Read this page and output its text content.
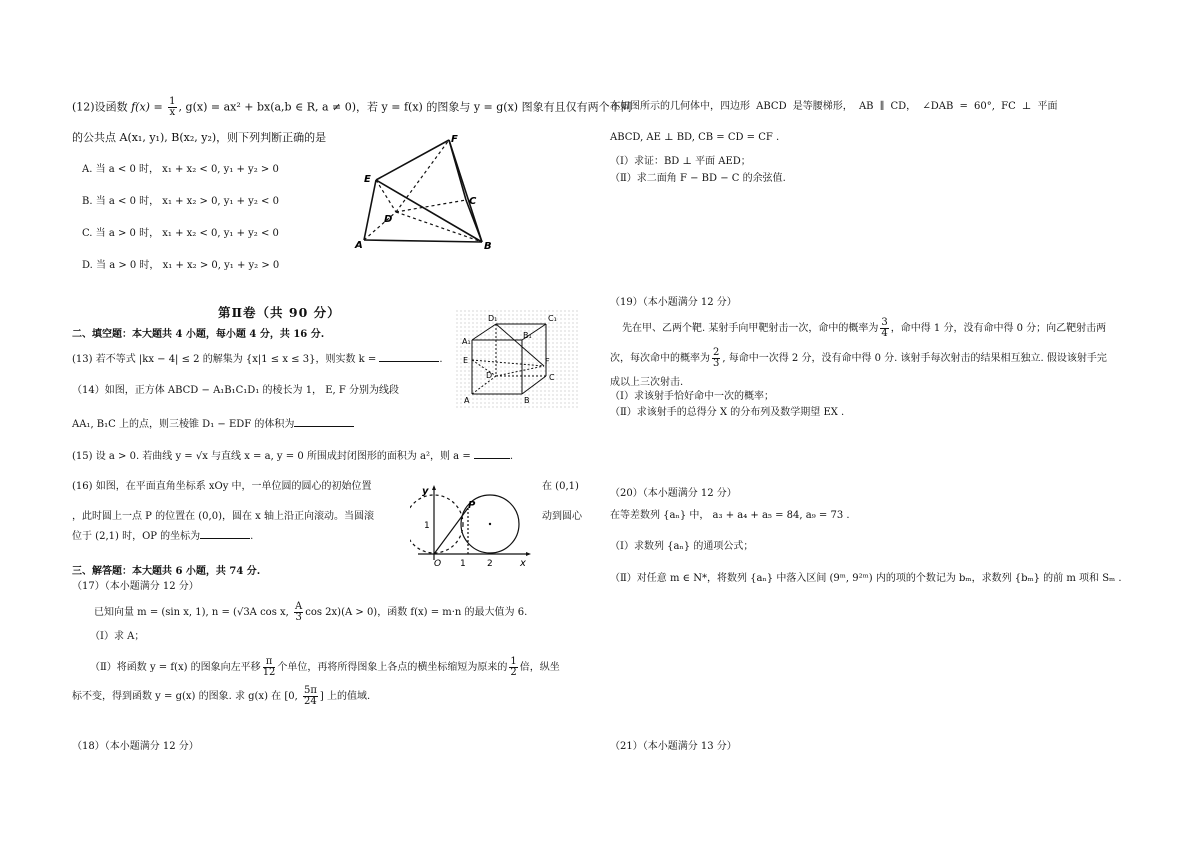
(12)设函数 $f(x) = \frac{1}{x}$ , g(x) = ax² + bx(a,b ∈ R, a ≠ 0)，若 y = f(x) 的图象与 y = g(x) 图象有且仅有两个不同
的公共点 A(x₁, y₁), B(x₂, y₂)，则下列判断正确的是
A. 当 a < 0 时， x₁ + x₂ < 0, y₁ + y₂ > 0
B. 当 a < 0 时， x₁ + x₂ > 0, y₁ + y₂ < 0
C. 当 a > 0 时， x₁ + x₂ < 0, y₁ + y₂ < 0
D. 当 a > 0 时， x₁ + x₂ > 0, y₁ + y₂ > 0
F
E
C
D
A	B
第Ⅱ卷（共 90 分）
二、填空题：本大题共 4 小题，每小题 4 分，共 16 分.
(13) 若不等式 |kx − 4| ≤ 2 的解集为 {x|1 ≤ x ≤ 3}，则实数 k =	.
（14）如图，正方体 ABCD − A₁B₁C₁D₁ 的棱长为 1， E, F 分别为线段
AA₁, B₁C 上的点，则三棱锥 D₁ − EDF 的体积为
D₁	C₁
A₁
B₁
E	F
D	C
A	B
(15) 设 a > 0. 若曲线 y = √x 与直线 x = a, y = 0 所围成封闭图形的面积为 a²，则 a =	.
(16) 如图，在平面直角坐标系 xOy 中，一单位圆的圆心的初始位置	在 (0,1)
，此时圆上一点 P 的位置在 (0,0)，圆在 x 轴上沿正向滚动。当圆滚	动到圆心
位于 (2,1) 时，OP 的坐标为	.
y
P
1
O 1 2	x
三、解答题：本大题共 6 小题，共 74 分.
（17）（本小题满分 12 分）
已知向量 m = (sin x, 1), n = (√3A cos x, $\frac{A}{3}$ cos 2x)(A > 0)，函数 f(x) = m·n 的最大值为 6.
（Ⅰ）求 A；
（Ⅱ）将函数 y = f(x) 的图象向左平移 $\frac{\pi}{12}$ 个单位，再将所得图象上各点的横坐标缩短为原来的 $\frac{1}{2}$ 倍，纵坐
标不变，得到函数 y = g(x) 的图象. 求 g(x) 在 [0, $\frac{5\pi}{24}$ ] 上的值域.
（18）（本小题满分 12 分）
在如图所示的几何体中，四边形 ABCD 是等腰梯形， AB ∥ CD， ∠DAB = 60°, FC ⊥ 平面
ABCD, AE ⊥ BD, CB = CD = CF .
（Ⅰ）求证：BD ⊥ 平面 AED；
（Ⅱ）求二面角 F − BD − C 的余弦值.
（19）（本小题满分 12 分）
先在甲、乙两个靶. 某射手向甲靶射击一次，命中的概率为 $\frac{3}{4}$ ，命中得 1 分，没有命中得 0 分；向乙靶射击两
次，每次命中的概率为 $\frac{2}{3}$ , 每命中一次得 2 分，没有命中得 0 分. 该射手每次射击的结果相互独立. 假设该射手完
成以上三次射击.
（Ⅰ）求该射手恰好命中一次的概率；
（Ⅱ）求该射手的总得分 X 的分布列及数学期望 EX .
（20）（本小题满分 12 分）
在等差数列 {aₙ} 中， a₃ + a₄ + a₅ = 84, a₉ = 73 .
（Ⅰ）求数列 {aₙ} 的通项公式；
（Ⅱ）对任意 m ∈ N*，将数列 {aₙ} 中落入区间 (9ᵐ, 9²ᵐ) 内的项的个数记为 bₘ，求数列 {bₘ} 的前 m 项和 Sₘ .
（21）（本小题满分 13 分）
